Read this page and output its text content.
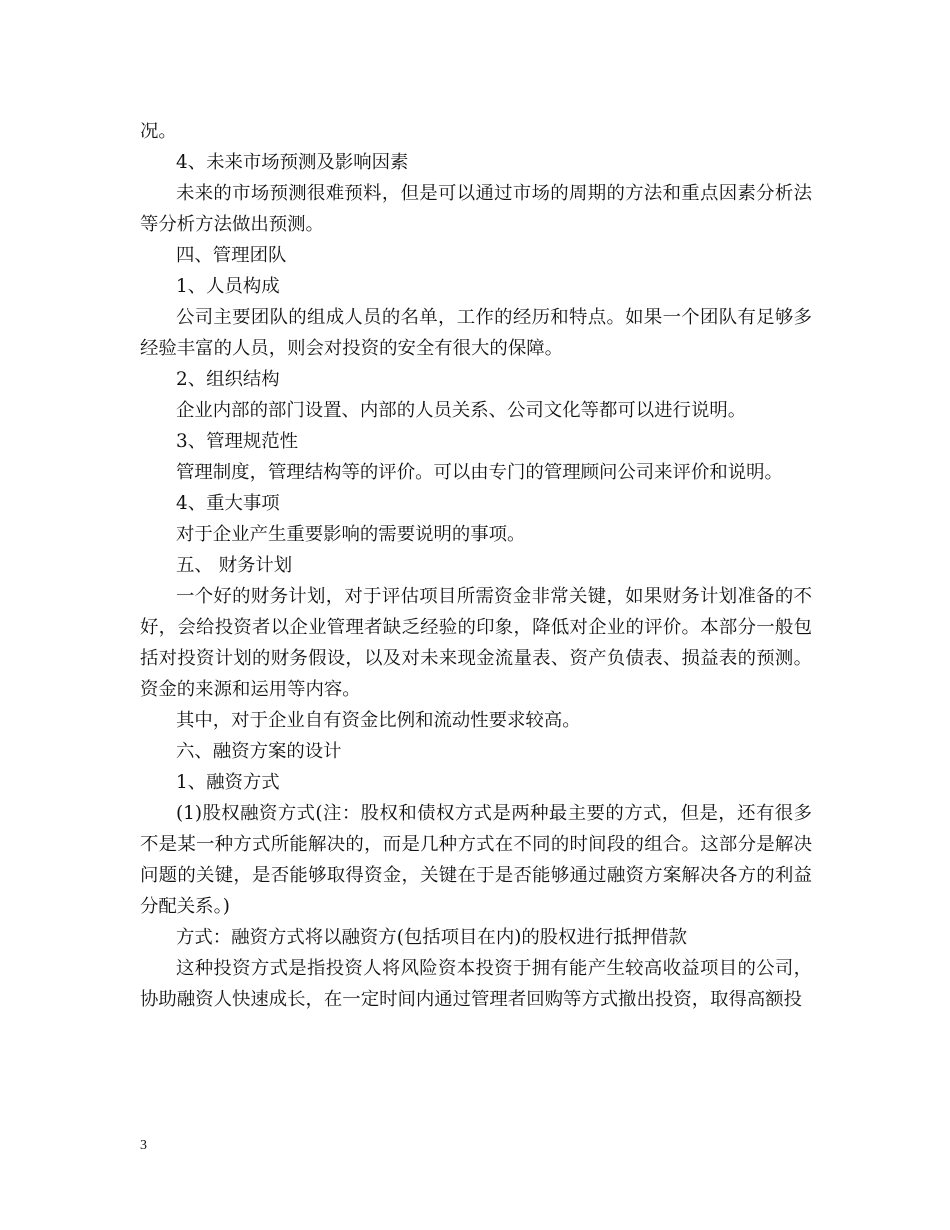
况。

4、未来市场预测及影响因素

未来的市场预测很难预料，但是可以通过市场的周期的方法和重点因素分析法等分析方法做出预测。

四、管理团队

1、人员构成

公司主要团队的组成人员的名单，工作的经历和特点。如果一个团队有足够多经验丰富的人员，则会对投资的安全有很大的保障。

2、组织结构

企业内部的部门设置、内部的人员关系、公司文化等都可以进行说明。

3、管理规范性

管理制度，管理结构等的评价。可以由专门的管理顾问公司来评价和说明。

4、重大事项

对于企业产生重要影响的需要说明的事项。

五、 财务计划

一个好的财务计划，对于评估项目所需资金非常关键，如果财务计划准备的不好，会给投资者以企业管理者缺乏经验的印象，降低对企业的评价。本部分一般包括对投资计划的财务假设，以及对未来现金流量表、资产负债表、损益表的预测。资金的来源和运用等内容。

其中，对于企业自有资金比例和流动性要求较高。

六、融资方案的设计

1、融资方式

(1)股权融资方式(注：股权和债权方式是两种最主要的方式，但是，还有很多不是某一种方式所能解决的，而是几种方式在不同的时间段的组合。这部分是解决问题的关键，是否能够取得资金，关键在于是否能够通过融资方案解决各方的利益分配关系。)

方式：融资方式将以融资方(包括项目在内)的股权进行抵押借款

这种投资方式是指投资人将风险资本投资于拥有能产生较高收益项目的公司，协助融资人快速成长，在一定时间内通过管理者回购等方式撤出投资，取得高额投

3
